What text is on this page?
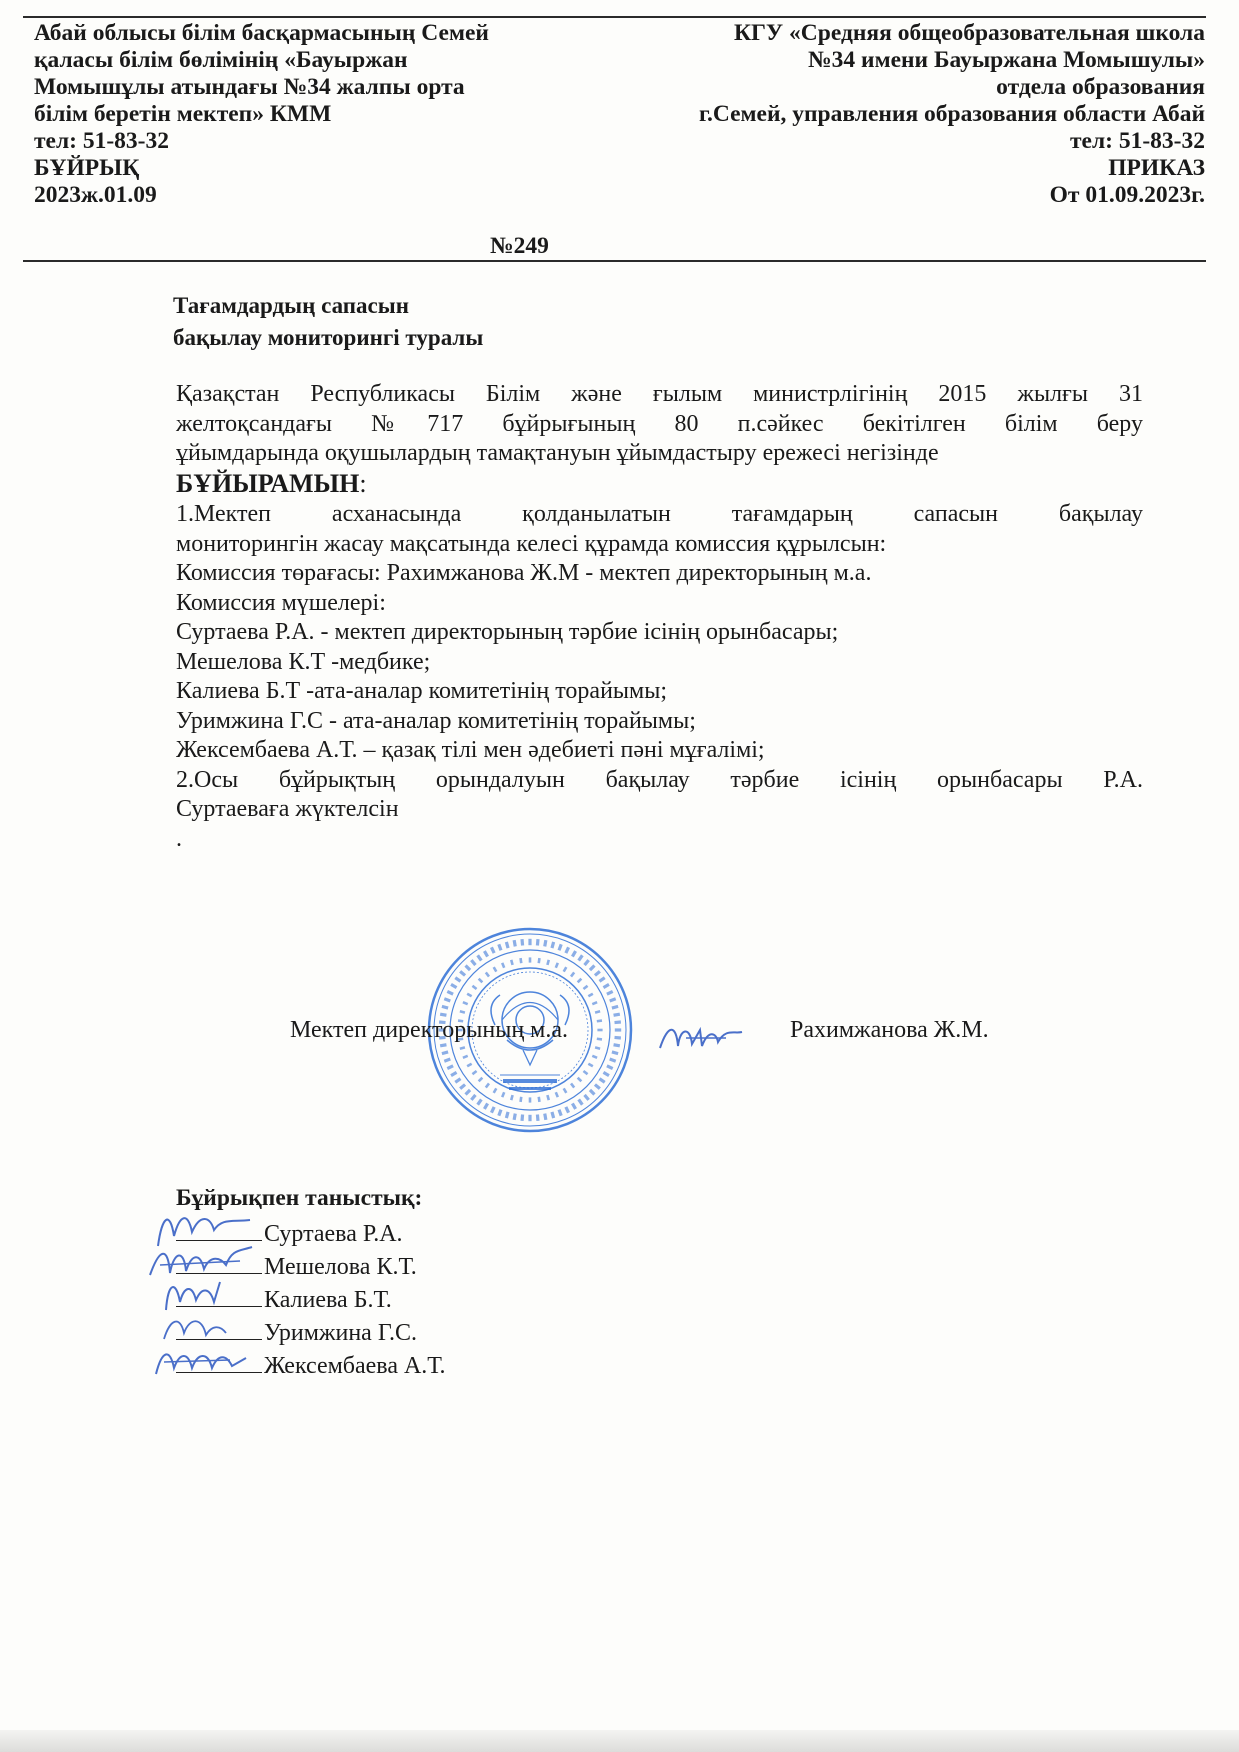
Абай облысы білім басқармасының Семей
қаласы білім бөлімінің «Бауыржан
Момышұлы атындағы №34 жалпы орта
білім беретін мектеп» КММ
тел: 51-83-32
БҰЙРЫҚ
2023ж.01.09
КГУ «Средняя общеобразовательная школа
№34 имени Бауыржана Момышулы»
отдела образования
г.Семей, управления образования области Абай
тел: 51-83-32
ПРИКАЗ
От 01.09.2023г.
№249
Тағамдардың сапасын
бақылау мониторингі туралы
Қазақстан Республикасы Білім және ғылым министрлігінің 2015 жылғы 31
желтоқсандағы №717 бұйрығының 80 п.сәйкес бекітілген білім беру
ұйымдарында оқушылардың тамақтануын ұйымдастыру ережесі негізінде
БҰЙЫРАМЫН:
1.Мектеп асханасында қолданылатын тағамдарың сапасын бақылау
мониторингін жасау мақсатында келесі құрамда комиссия құрылсын:
Комиссия төрағасы: Рахимжанова Ж.М - мектеп директорының м.а.
Комиссия мүшелері:
Суртаева Р.А. - мектеп директорының тәрбие ісінің орынбасары;
Мешелова К.Т -медбике;
Калиева Б.Т -ата-аналар комитетінің торайымы;
Уримжина Г.С - ата-аналар комитетінің торайымы;
Жексембаева А.Т. – қазақ тілі мен әдебиеті пәні мұғалімі;
2.Осы бұйрықтың орындалуын бақылау тәрбие ісінің орынбасары Р.А.
Суртаеваға жүктелсін
.
Мектеп директорының м.а.	Рахимжанова Ж.М.
Бұйрықпен таныстық:
Суртаева Р.А.
Мешелова К.Т.
Калиева Б.Т.
Уримжина Г.С.
Жексембаева А.Т.
